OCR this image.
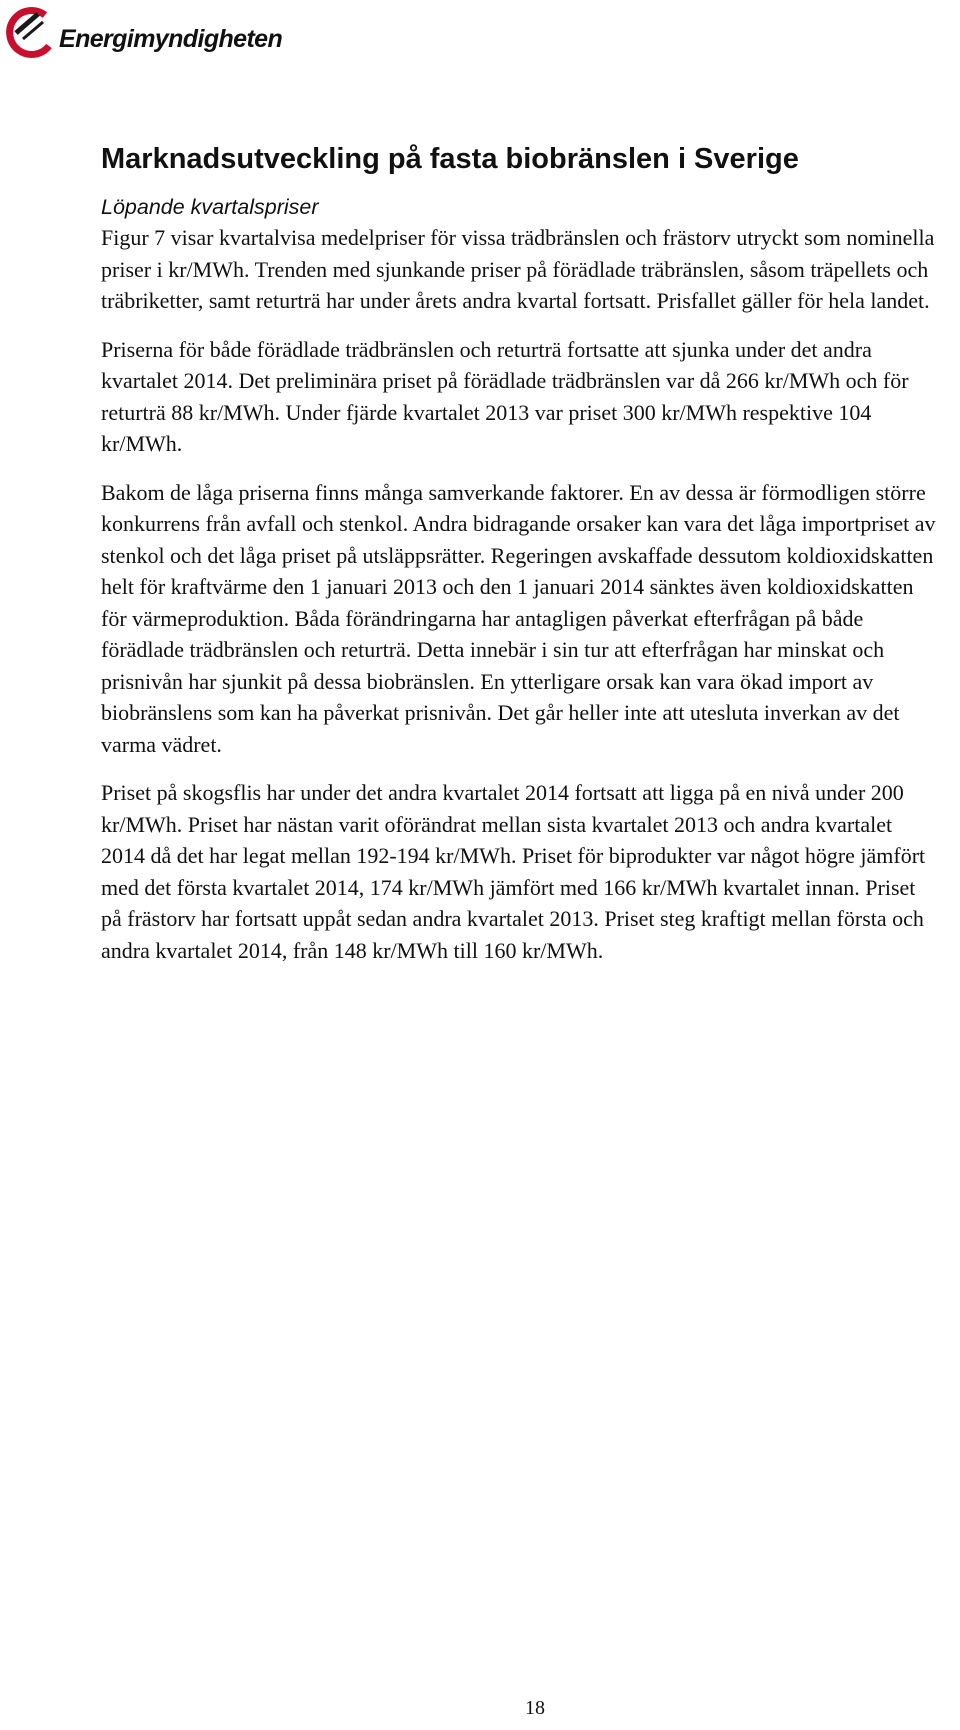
Energimyndigheten
Marknadsutveckling på fasta biobränslen i Sverige
Löpande kvartalspriser

Figur 7 visar kvartalvisa medelpriser för vissa trädbränslen och frästorv utryckt som nominella priser i kr/MWh. Trenden med sjunkande priser på förädlade träbränslen, såsom träpellets och träbriketter, samt returträ har under årets andra kvartal fortsatt. Prisfallet gäller för hela landet.

Priserna för både förädlade trädbränslen och returträ fortsatte att sjunka under det andra kvartalet 2014. Det preliminära priset på förädlade trädbränslen var då 266 kr/MWh och för returträ 88 kr/MWh. Under fjärde kvartalet 2013 var priset 300 kr/MWh respektive 104 kr/MWh.

Bakom de låga priserna finns många samverkande faktorer. En av dessa är förmodligen större konkurrens från avfall och stenkol. Andra bidragande orsaker kan vara det låga importpriset av stenkol och det låga priset på utsläppsrätter. Regeringen avskaffade dessutom koldioxidskatten helt för kraftvärme den 1 januari 2013 och den 1 januari 2014 sänktes även koldioxidskatten för värmeproduktion. Båda förändringarna har antagligen påverkat efterfrågan på både förädlade trädbränslen och returträ. Detta innebär i sin tur att efterfrågan har minskat och prisnivån har sjunkit på dessa biobränslen. En ytterligare orsak kan vara ökad import av biobränslens som kan ha påverkat prisnivån. Det går heller inte att utesluta inverkan av det varma vädret.

Priset på skogsflis har under det andra kvartalet 2014 fortsatt att ligga på en nivå under 200 kr/MWh. Priset har nästan varit oförändrat mellan sista kvartalet 2013 och andra kvartalet 2014 då det har legat mellan 192-194 kr/MWh. Priset för biprodukter var något högre jämfört med det första kvartalet 2014, 174 kr/MWh jämfört med 166 kr/MWh kvartalet innan. Priset på frästorv har fortsatt uppåt sedan andra kvartalet 2013. Priset steg kraftigt mellan första och andra kvartalet 2014, från 148 kr/MWh till 160 kr/MWh.

18
